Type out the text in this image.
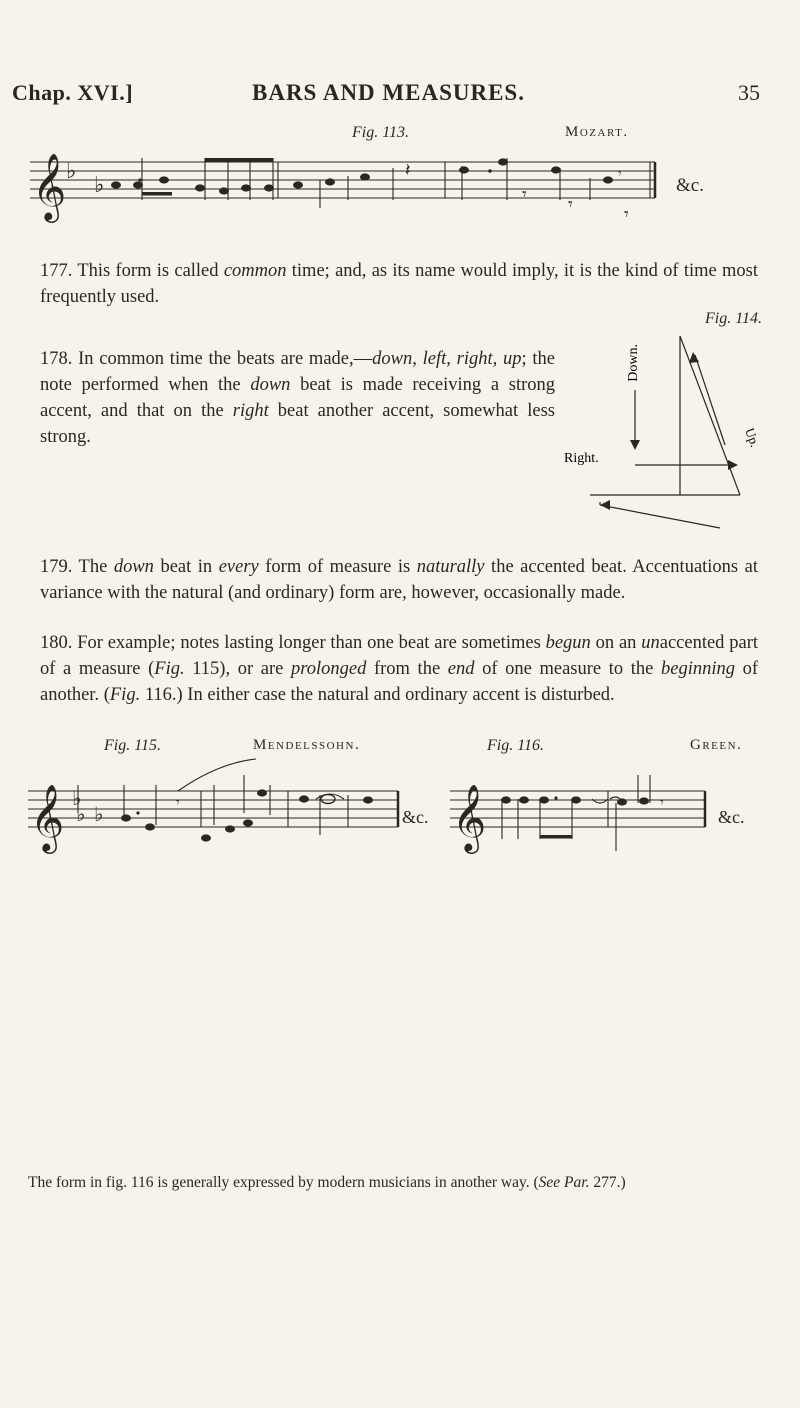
Chap. XVI.]	BARS AND MEASURES.	35
Fig. 113.	Mozart.
𝄞 ♭
♭
𝄽
𝄾 𝄾
𝄾
𝄾
&c.
177. This form is called common time; and, as its name would imply, it is the kind of time most frequently used.
Fig. 114.
178. In common time the beats are made,—down, left, right, up; the note performed when the down beat is made receiving a strong accent, and that on the right beat another accent, somewhat less strong.
Down.
Right.
Up.
179. The down beat in every form of measure is naturally the accented beat. Accentuations at variance with the natural (and ordinary) form are, however, occasionally made.
180. For example; notes lasting longer than one beat are sometimes begun on an unaccented part of a measure (Fig. 115), or are prolonged from the end of one measure to the beginning of another. (Fig. 116.) In either case the natural and ordinary accent is disturbed.
Fig. 115.	Mendelssohn.	Fig. 116.	Green.
𝄞 ♭
♭ ♭
𝄾
&c. 𝄞	𝄾
&c.
The form in fig. 116 is generally expressed by modern musicians in another way. (See Par. 277.)
